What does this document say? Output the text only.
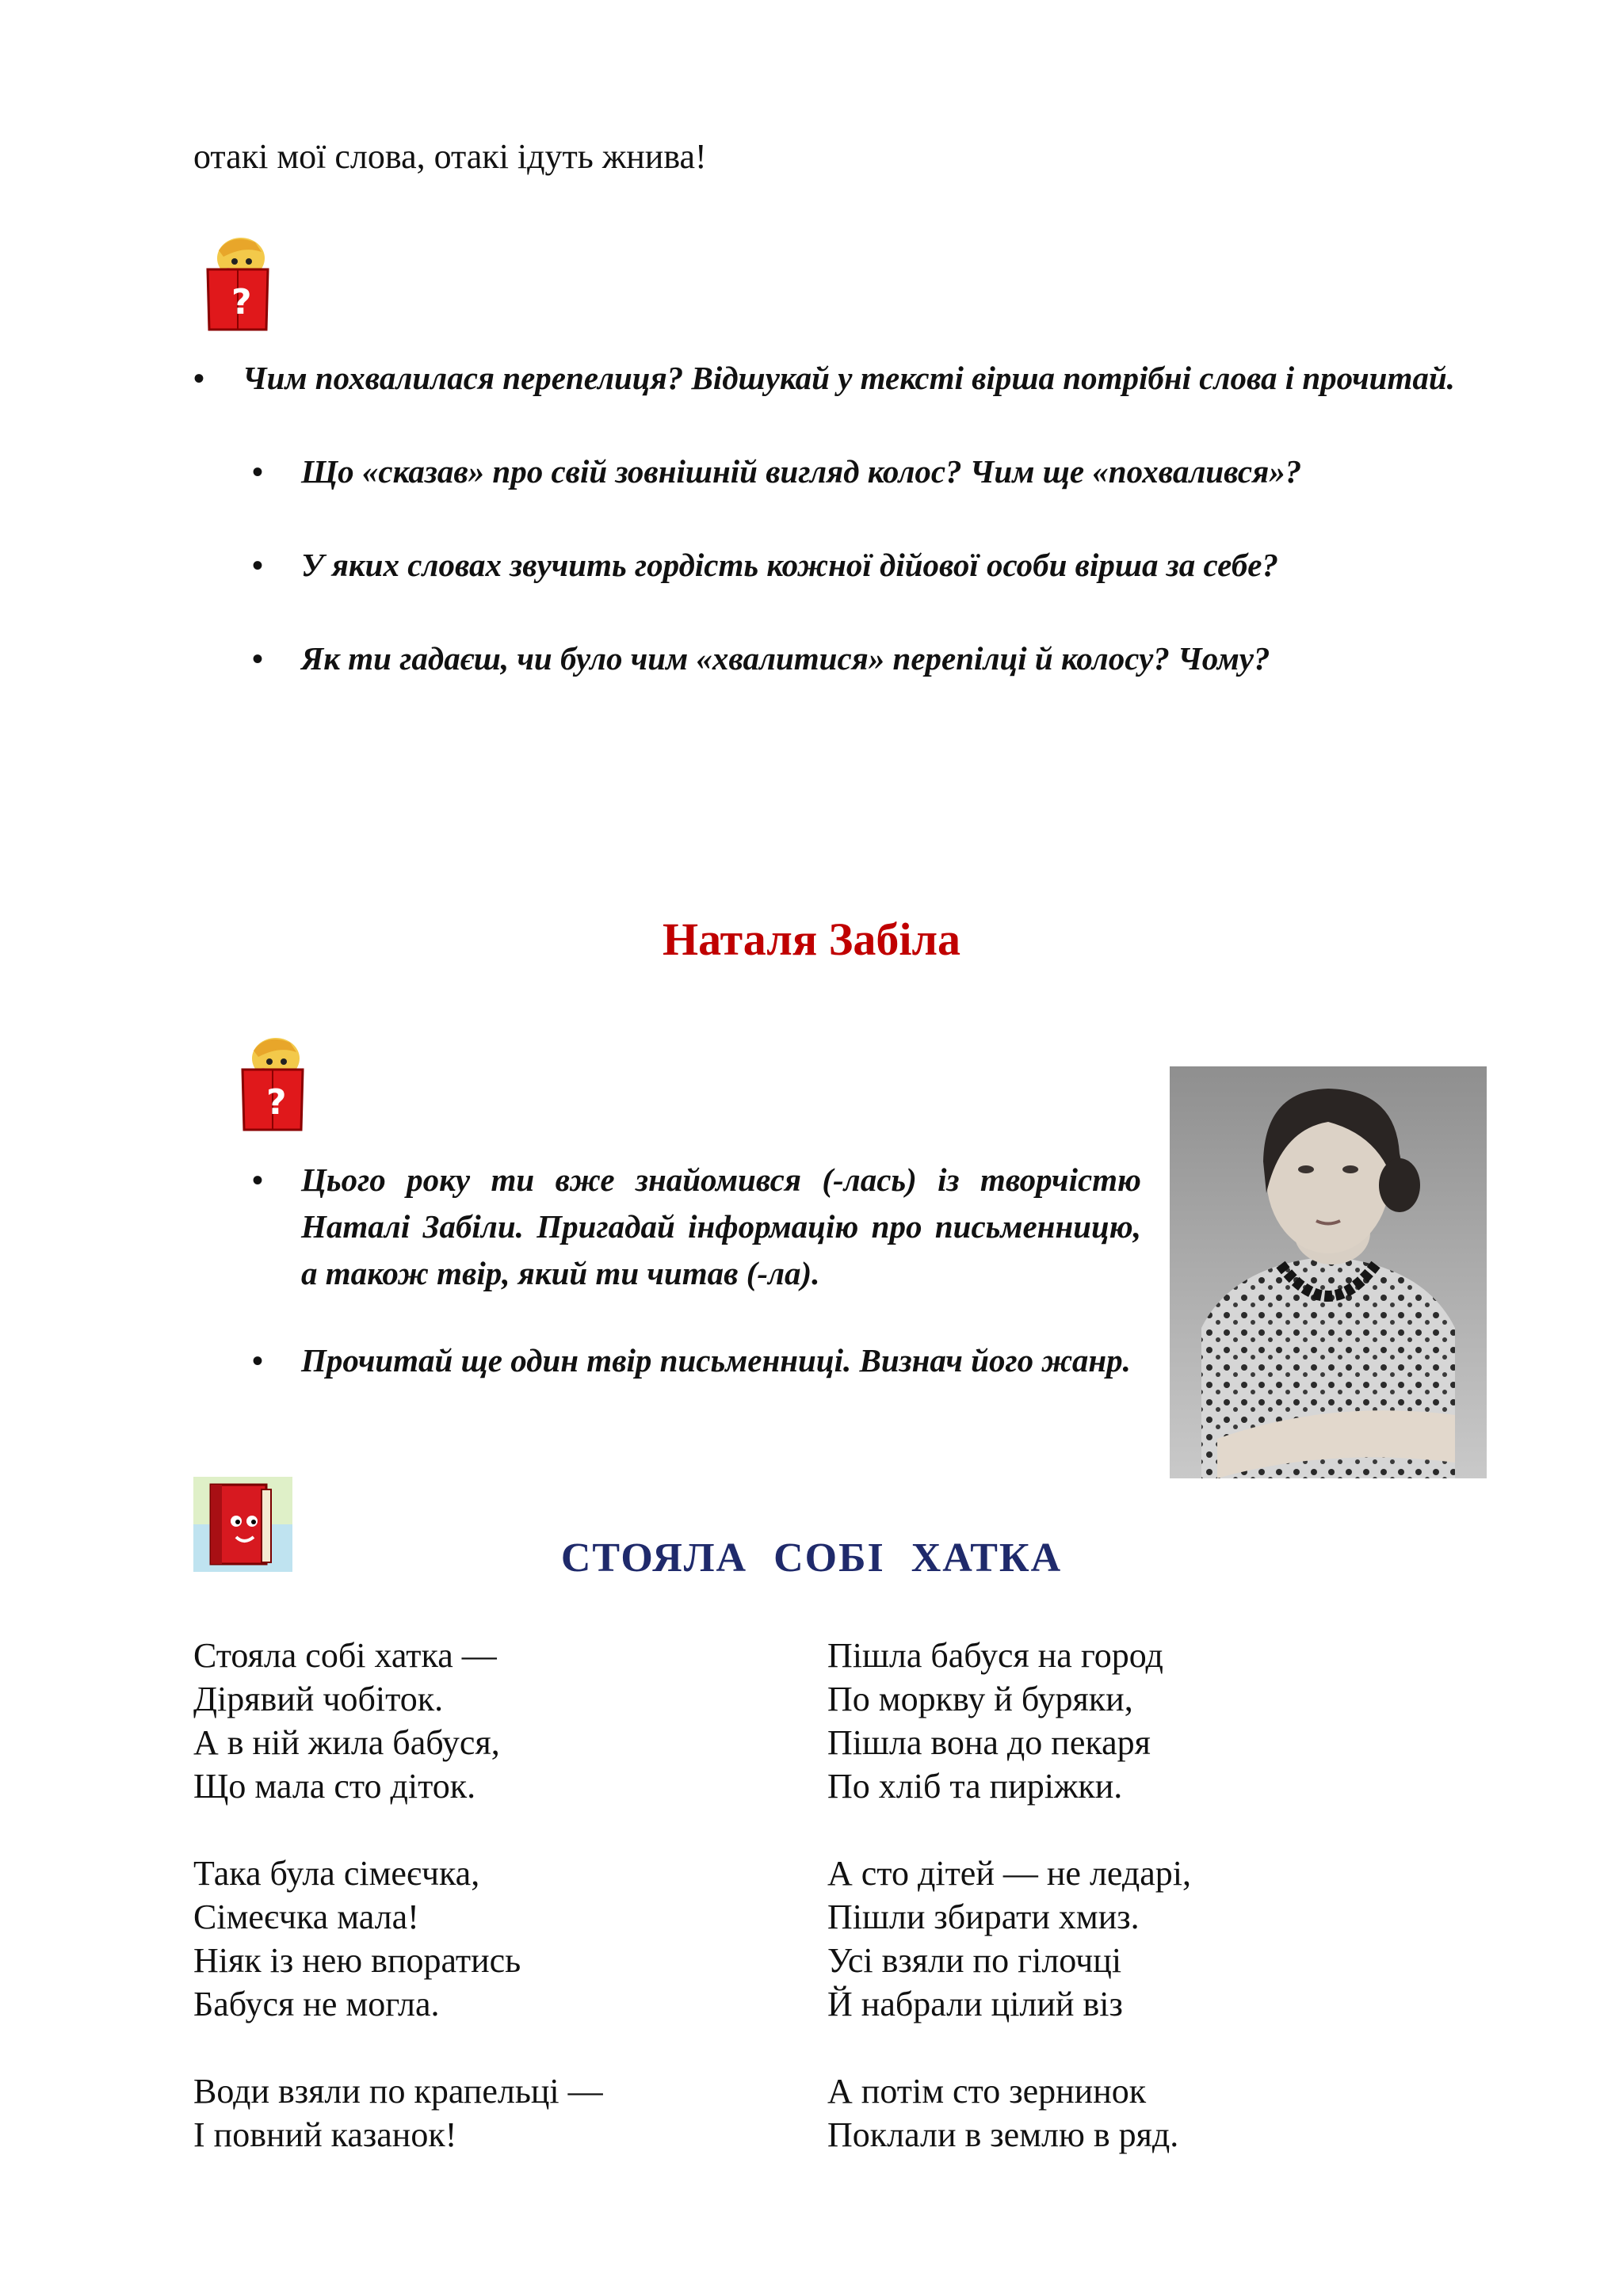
отакі мої слова, отакі ідуть жнива!
?
• Чим похвалилася перепелиця? Відшукай у тексті вірша потрібні слова і прочитай.
• Що «сказав» про свій зовнішній вигляд колос? Чим ще «похвалився»?
• У яких словах звучить гордість кожної дійової особи вірша за себе?
• Як ти гадаєш, чи було чим «хвалитися» перепілці й колосу? Чому?
Наталя Забіла
?
• Цього року ти вже знайомився (-лась) із творчістю Наталі Забіли. Пригадай інформацію про письменницю, а також твір, який ти читав (-ла).
• Прочитай ще один твір письменниці. Визнач його жанр.
СТОЯЛА СОБІ ХАТКА
Стояла собі хатка —
Дірявий чобіток.
А в ній жила бабуся,
Що мала сто діток.
Така була сімеєчка,
Сімеєчка мала!
Ніяк із нею впоратись
Бабуся не могла.
Води взяли по крапельці —
І повний казанок!
Пішла бабуся на город
По моркву й буряки,
Пішла вона до пекаря
По хліб та пиріжки.
А сто дітей — не ледарі,
Пішли збирати хмиз.
Усі взяли по гілочці
Й набрали цілий віз
А потім сто зернинок
Поклали в землю в ряд.
